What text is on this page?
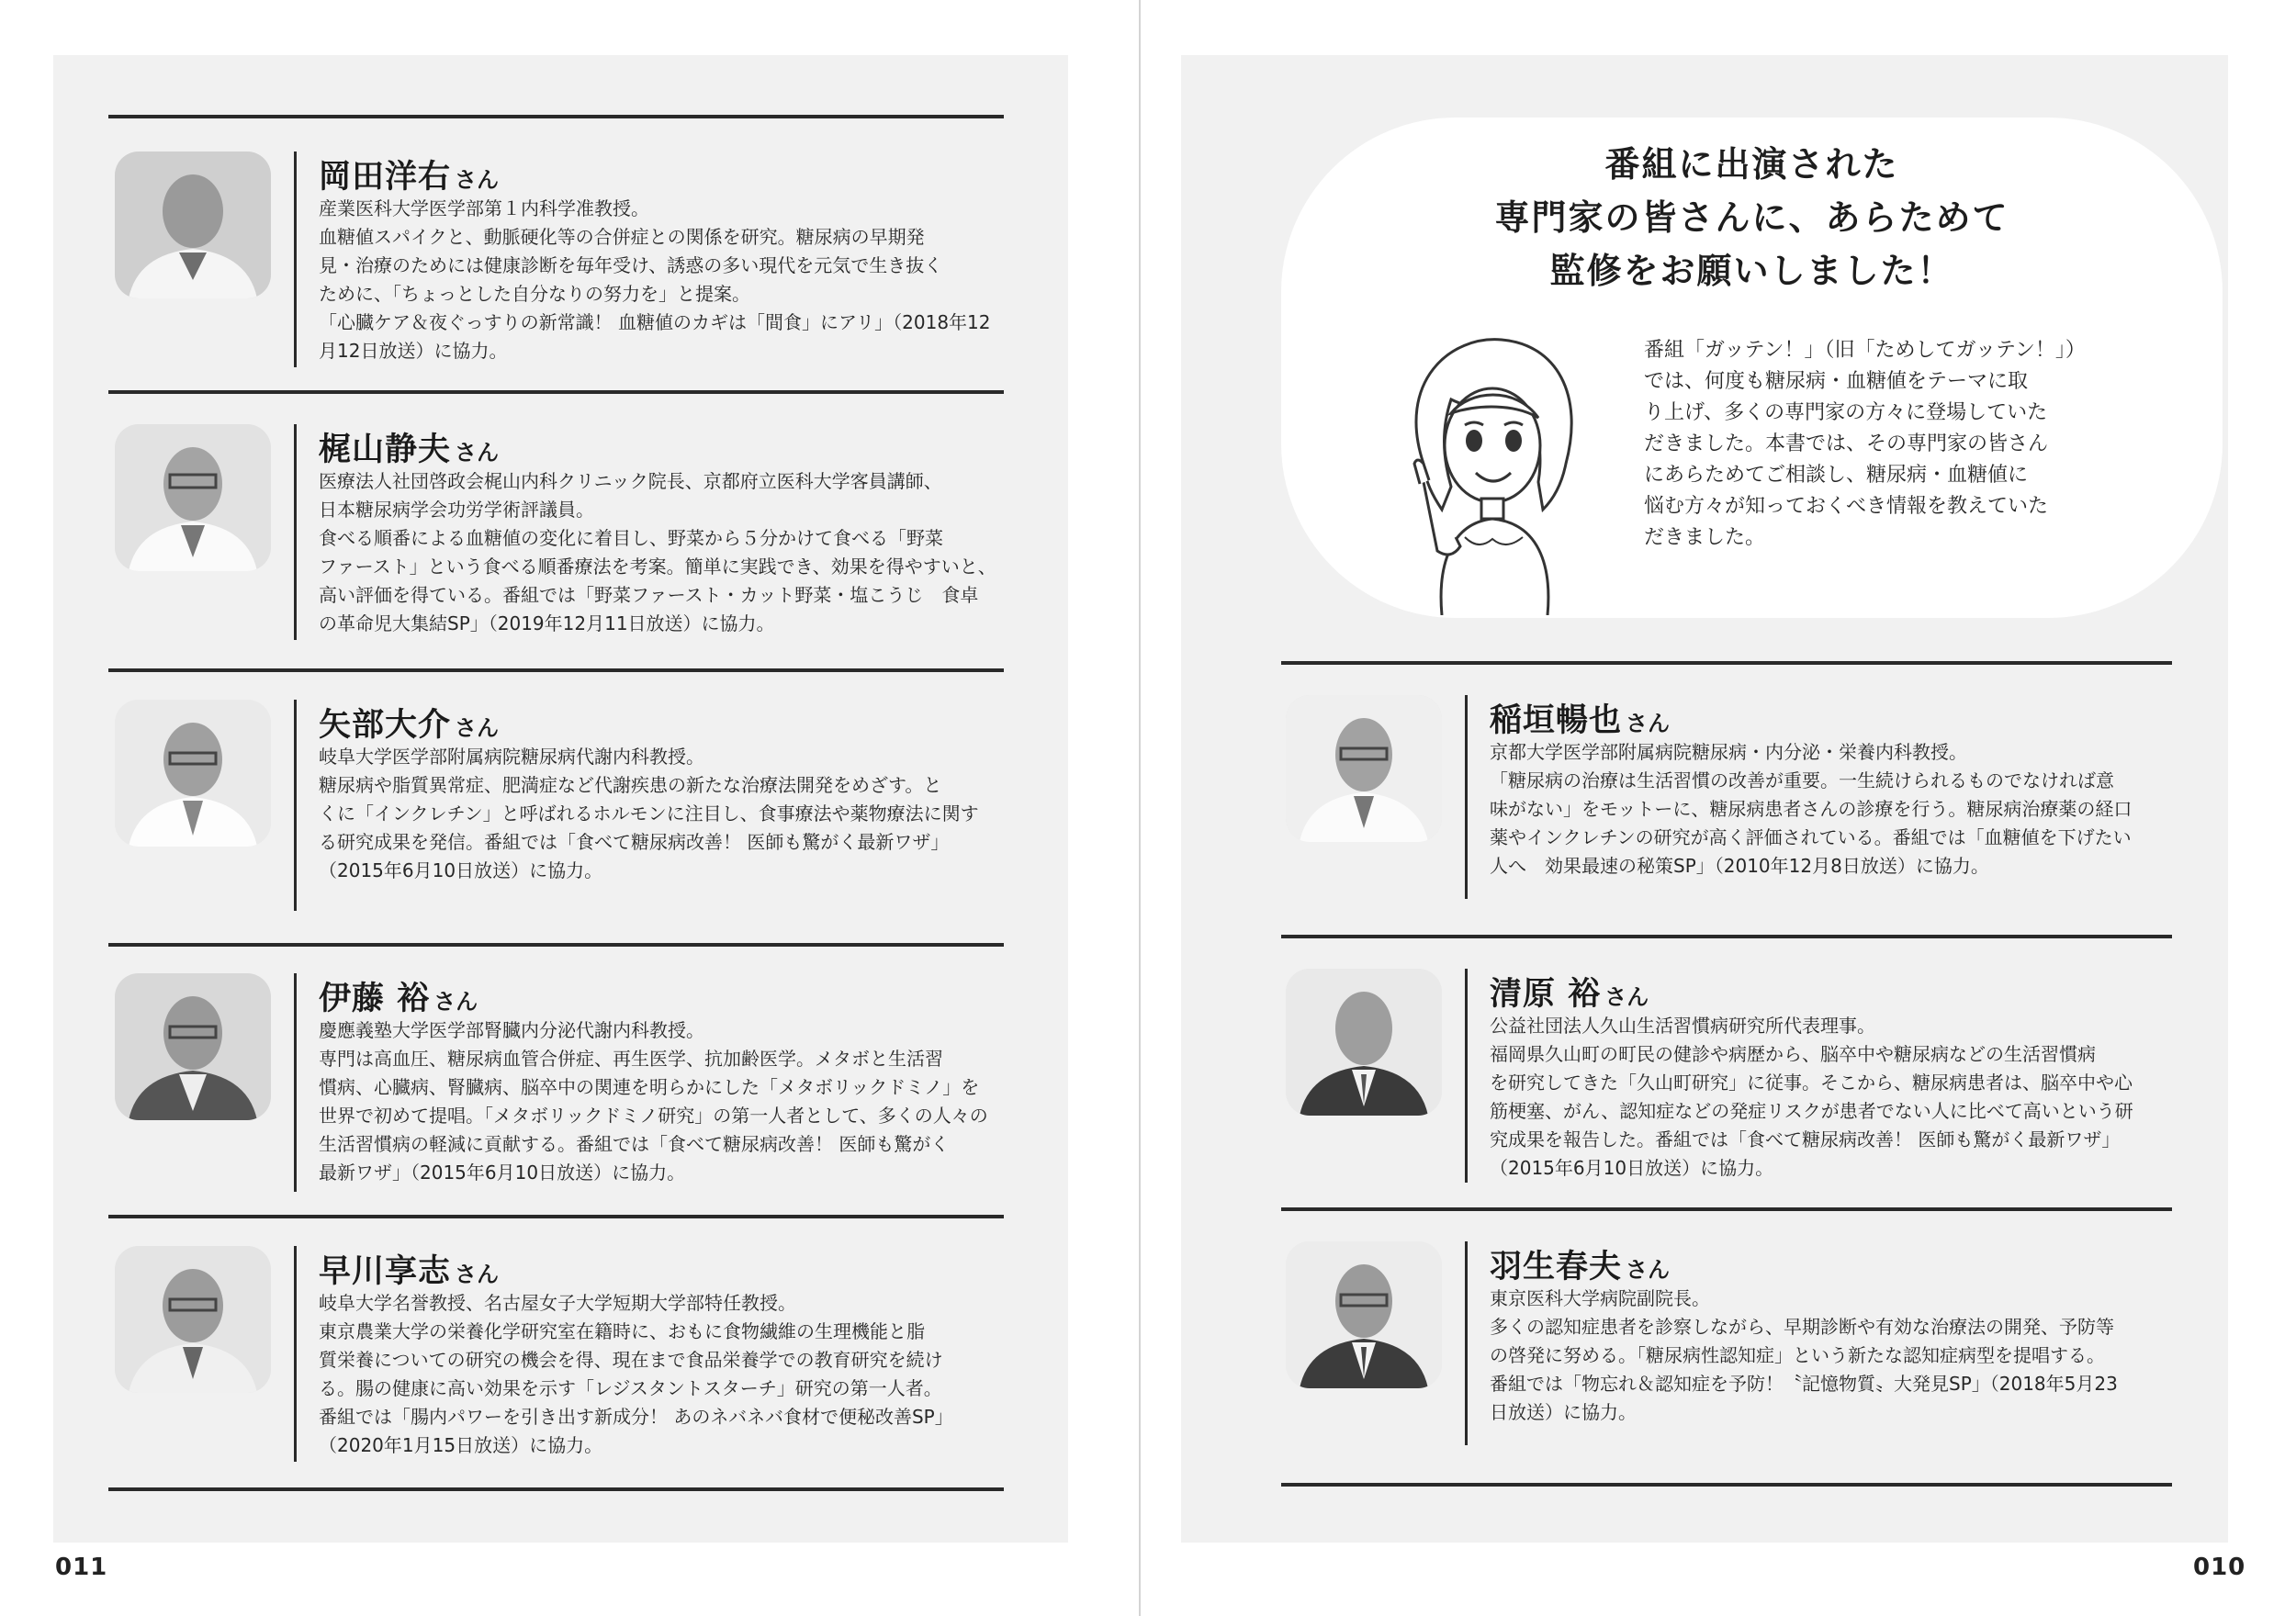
番組に出演された
専門家の皆さんに、あらためて
監修をお願いしました！
番組「ガッテン！」（旧「ためしてガッテン！」）
では、何度も糖尿病・血糖値をテーマに取
り上げ、多くの専門家の方々に登場していた
だきました。本書では、その専門家の皆さん
にあらためてご相談し、糖尿病・血糖値に
悩む方々が知っておくべき情報を教えていた
だきました。
岡田洋右 さん
産業医科大学医学部第１内科学准教授。
血糖値スパイクと、動脈硬化等の合併症との関係を研究。糖尿病の早期発
見・治療のためには健康診断を毎年受け、誘惑の多い現代を元気で生き抜く
ために、「ちょっとした自分なりの努力を」と提案。
「心臓ケア＆夜ぐっすりの新常識！ 血糖値のカギは「間食」にアリ」（2018年12
月12日放送）に協力。
梶山静夫 さん
医療法人社団啓政会梶山内科クリニック院長、京都府立医科大学客員講師、
日本糖尿病学会功労学術評議員。
食べる順番による血糖値の変化に着目し、野菜から５分かけて食べる「野菜
ファースト」という食べる順番療法を考案。簡単に実践でき、効果を得やすいと、
高い評価を得ている。番組では「野菜ファースト・カット野菜・塩こうじ　食卓
の革命児大集結SP」（2019年12月11日放送）に協力。
矢部大介 さん
岐阜大学医学部附属病院糖尿病代謝内科教授。
糖尿病や脂質異常症、肥満症など代謝疾患の新たな治療法開発をめざす。と
くに「インクレチン」と呼ばれるホルモンに注目し、食事療法や薬物療法に関す
る研究成果を発信。番組では「食べて糖尿病改善！ 医師も驚がく最新ワザ」
（2015年6月10日放送）に協力。
伊藤 裕 さん
慶應義塾大学医学部腎臓内分泌代謝内科教授。
専門は高血圧、糖尿病血管合併症、再生医学、抗加齢医学。メタボと生活習
慣病、心臓病、腎臓病、脳卒中の関連を明らかにした「メタボリックドミノ」を
世界で初めて提唱。「メタボリックドミノ研究」の第一人者として、多くの人々の
生活習慣病の軽減に貢献する。番組では「食べて糖尿病改善！ 医師も驚がく
最新ワザ」（2015年6月10日放送）に協力。
早川享志 さん
岐阜大学名誉教授、名古屋女子大学短期大学部特任教授。
東京農業大学の栄養化学研究室在籍時に、おもに食物繊維の生理機能と脂
質栄養についての研究の機会を得、現在まで食品栄養学での教育研究を続け
る。腸の健康に高い効果を示す「レジスタントスターチ」研究の第一人者。
番組では「腸内パワーを引き出す新成分！ あのネバネバ食材で便秘改善SP」
（2020年1月15日放送）に協力。
稲垣暢也 さん
京都大学医学部附属病院糖尿病・内分泌・栄養内科教授。
「糖尿病の治療は生活習慣の改善が重要。一生続けられるものでなければ意
味がない」をモットーに、糖尿病患者さんの診療を行う。糖尿病治療薬の経口
薬やインクレチンの研究が高く評価されている。番組では「血糖値を下げたい
人へ　効果最速の秘策SP」（2010年12月8日放送）に協力。
清原 裕 さん
公益社団法人久山生活習慣病研究所代表理事。
福岡県久山町の町民の健診や病歴から、脳卒中や糖尿病などの生活習慣病
を研究してきた「久山町研究」に従事。そこから、糖尿病患者は、脳卒中や心
筋梗塞、がん、認知症などの発症リスクが患者でない人に比べて高いという研
究成果を報告した。番組では「食べて糖尿病改善！ 医師も驚がく最新ワザ」
（2015年6月10日放送）に協力。
羽生春夫 さん
東京医科大学病院副院長。
多くの認知症患者を診察しながら、早期診断や有効な治療法の開発、予防等
の啓発に努める。「糖尿病性認知症」という新たな認知症病型を提唱する。
番組では「物忘れ＆認知症を予防！〝記憶物質〟大発見SP」（2018年5月23
日放送）に協力。
011	010
